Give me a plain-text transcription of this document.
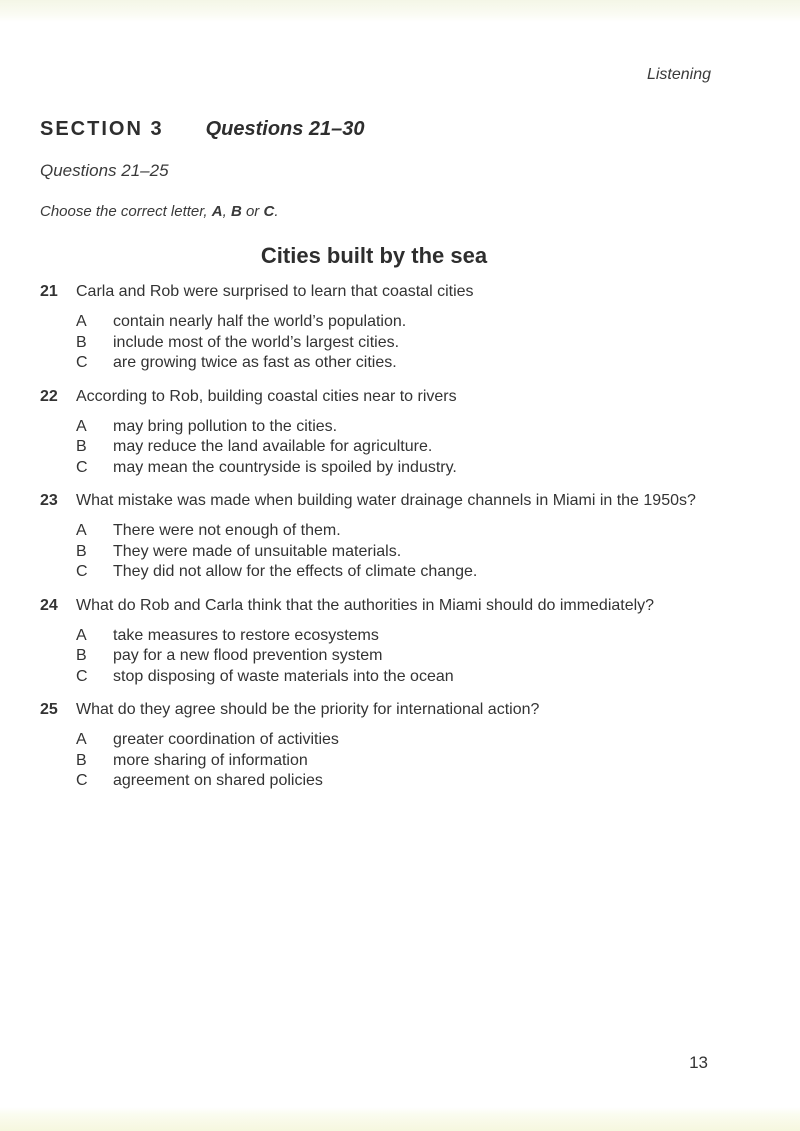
Listening
SECTION 3 Questions 21–30
Questions 21–25
Choose the correct letter, A, B or C.
Cities built by the sea
21	Carla and Rob were surprised to learn that coastal cities
A	contain nearly half the world’s population.
B	include most of the world’s largest cities.
C	are growing twice as fast as other cities.
22	According to Rob, building coastal cities near to rivers
A	may bring pollution to the cities.
B	may reduce the land available for agriculture.
C	may mean the countryside is spoiled by industry.
23	What mistake was made when building water drainage channels in Miami in the 1950s?
A	There were not enough of them.
B	They were made of unsuitable materials.
C	They did not allow for the effects of climate change.
24	What do Rob and Carla think that the authorities in Miami should do immediately?
A	take measures to restore ecosystems
B	pay for a new flood prevention system
C	stop disposing of waste materials into the ocean
25	What do they agree should be the priority for international action?
A	greater coordination of activities
B	more sharing of information
C	agreement on shared policies
13
